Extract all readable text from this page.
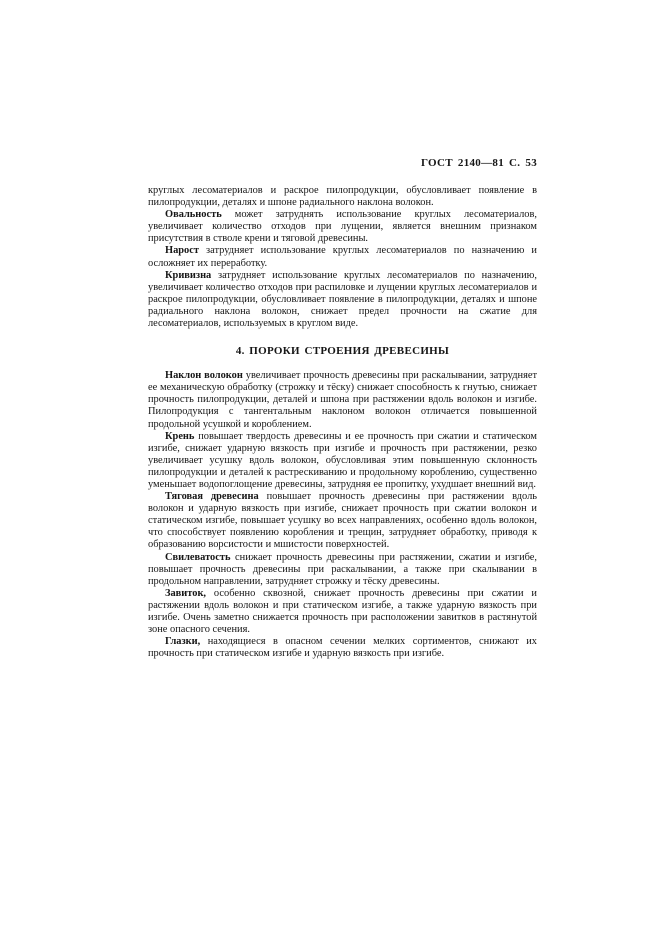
ГОСТ 2140—81 С. 53

круглых лесоматериалов и раскрое пилопродукции, обусловливает появление в пилопродукции, деталях и шпоне радиального наклона волокон.

Овальность может затруднять использование круглых лесоматериалов, увеличивает количество отходов при лущении, является внешним признаком присутствия в стволе крени и тяговой древесины.

Нарост затрудняет использование круглых лесоматериалов по назначению и осложняет их переработку.

Кривизна затрудняет использование круглых лесоматериалов по назначению, увеличивает количество отходов при распиловке и лущении круглых лесоматериалов и раскрое пилопродукции, обусловливает появление в пилопродукции, деталях и шпоне радиального наклона волокон, снижает предел прочности на сжатие для лесоматериалов, используемых в круглом виде.

4. ПОРОКИ СТРОЕНИЯ ДРЕВЕСИНЫ

Наклон волокон увеличивает прочность древесины при раскалывании, затрудняет ее механическую обработку (строжку и тёску) снижает способность к гнутью, снижает прочность пилопродукции, деталей и шпона при растяжении вдоль волокон и изгибе. Пилопродукция с тангентальным наклоном волокон отличается повышенной продольной усушкой и короблением.

Крень повышает твердость древесины и ее прочность при сжатии и статическом изгибе, снижает ударную вязкость при изгибе и прочность при растяжении, резко увеличивает усушку вдоль волокон, обусловливая этим повышенную склонность пилопродукции и деталей к растрескиванию и продольному короблению, существенно уменьшает водопоглощение древесины, затрудняя ее пропитку, ухудшает внешний вид.

Тяговая древесина повышает прочность древесины при растяжении вдоль волокон и ударную вязкость при изгибе, снижает прочность при сжатии волокон и статическом изгибе, повышает усушку во всех направлениях, особенно вдоль волокон, что способствует появлению коробления и трещин, затрудняет обработку, приводя к образованию ворсистости и мшистости поверхностей.

Свилеватость снижает прочность древесины при растяжении, сжатии и изгибе, повышает прочность древесины при раскалывании, а также при скалывании в продольном направлении, затрудняет строжку и тёску древесины.

Завиток, особенно сквозной, снижает прочность древесины при сжатии и растяжении вдоль волокон и при статическом изгибе, а также ударную вязкость при изгибе. Очень заметно снижается прочность при расположении завитков в растянутой зоне опасного сечения.

Глазки, находящиеся в опасном сечении мелких сортиментов, снижают их прочность при статическом изгибе и ударную вязкость при изгибе.
